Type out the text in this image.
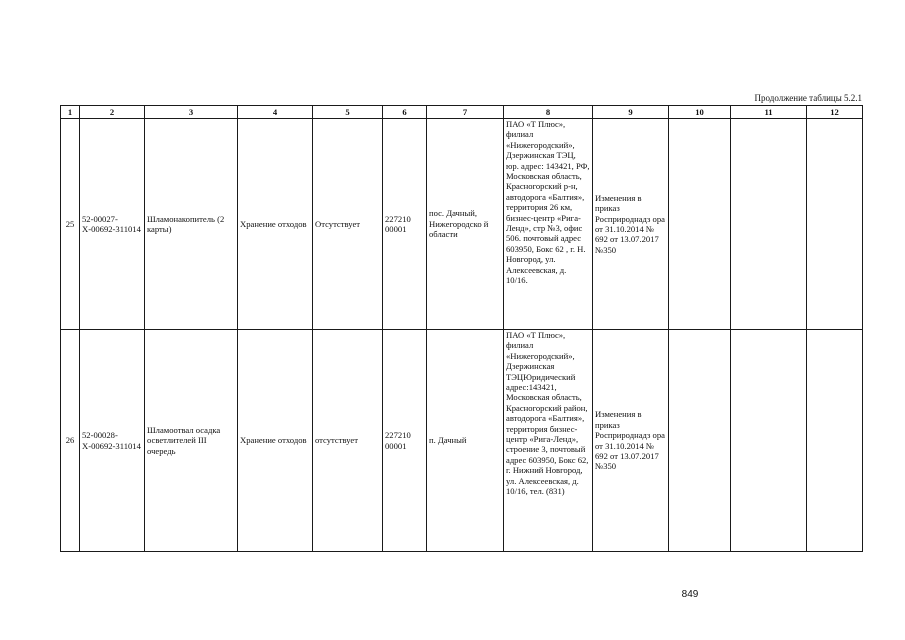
Продолжение таблицы 5.2.1
1	2	3	4	5	6	7	8	9	10	11	12
25	52-00027-Х-00692-311014	Шламонакопитель (2 карты)	Хранение отходов	Отсутствует	227210 00001	пос. Дачный, Нижегородско й области	ПАО «Т Плюс», филиал «Нижегородский», Дзержинская ТЭЦ, юр. адрес: 143421, РФ, Московская область, Красногорский р-н, автодорога «Балтия», территория 26 км, бизнес-центр «Рига-Ленд», стр №3, офис 506. почтовый адрес 603950, Бокс 62 , г. Н. Новгород, ул. Алексеевская, д. 10/16.	Изменения в приказ Росприроднадз ора от 31.10.2014 № 692 от 13.07.2017 №350			
26	52-00028-Х-00692-311014	Шламоотвал осадка осветлителей III очередь	Хранение отходов	отсутствует	227210 00001	п. Дачный	ПАО «Т Плюс», филиал «Нижегородский», Дзержинская ТЭЦЮридический адрес:143421, Московская область, Красногорский район, автодорога «Балтия», территория бизнес-центр «Рига-Ленд», строение 3, почтовый адрес 603950, Бокс 62, г. Нижний Новгород, ул. Алексеевская, д. 10/16, тел. (831)	Изменения в приказ Росприроднадз ора от 31.10.2014 № 692 от 13.07.2017 №350			
849
